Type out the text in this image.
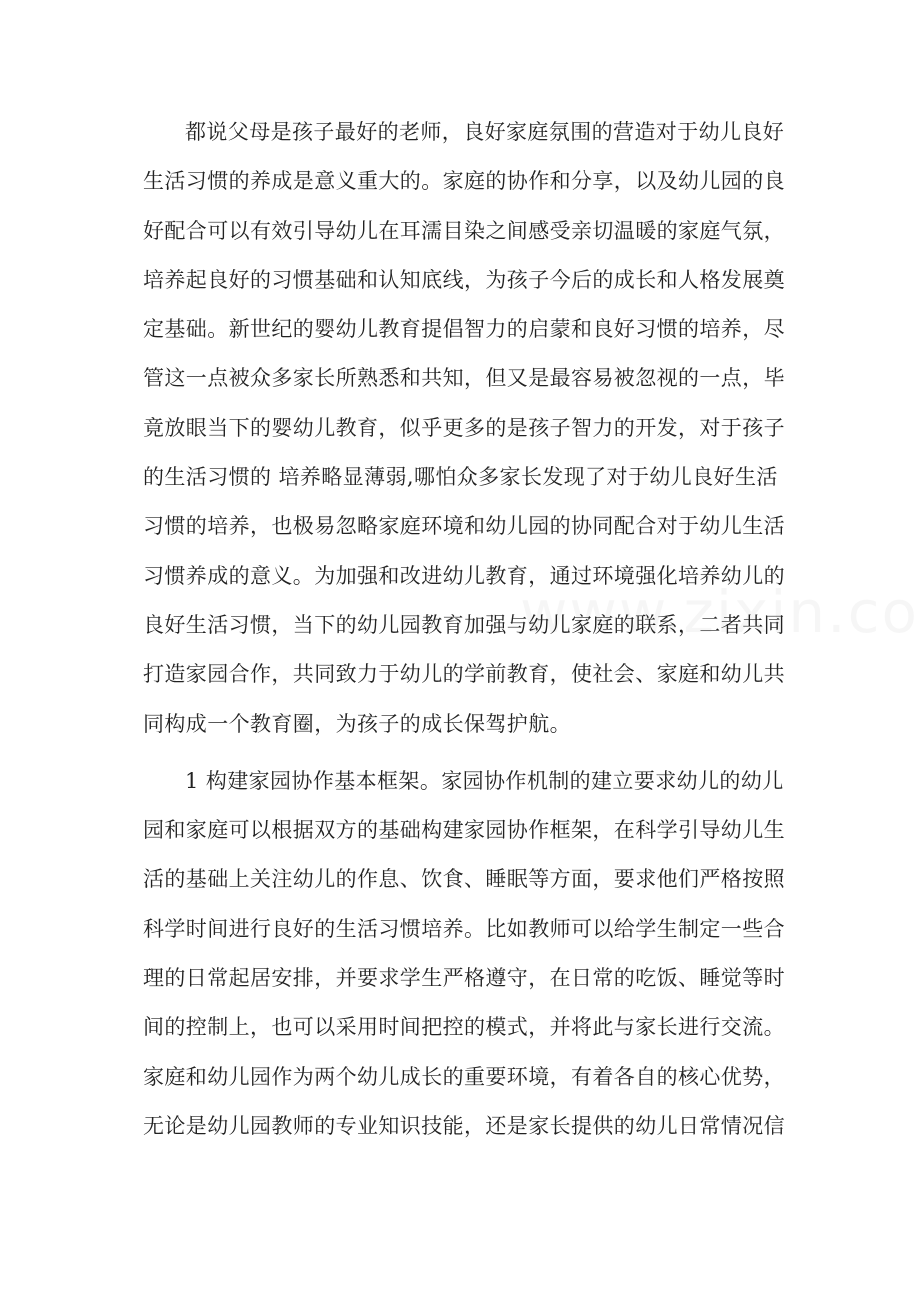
都说父母是孩子最好的老师，良好家庭氛围的营造对于幼儿良好
生活习惯的养成是意义重大的。家庭的协作和分享，以及幼儿园的良
好配合可以有效引导幼儿在耳濡目染之间感受亲切温暖的家庭气氛，
培养起良好的习惯基础和认知底线，为孩子今后的成长和人格发展奠
定基础。新世纪的婴幼儿教育提倡智力的启蒙和良好习惯的培养，尽
管这一点被众多家长所熟悉和共知，但又是最容易被忽视的一点，毕
竟放眼当下的婴幼儿教育，似乎更多的是孩子智力的开发，对于孩子
的生活习惯的 培养略显薄弱,哪怕众多家长发现了对于幼儿良好生活
习惯的培养，也极易忽略家庭环境和幼儿园的协同配合对于幼儿生活
习惯养成的意义。为加强和改进幼儿教育，通过环境强化培养幼儿的
良好生活习惯，当下的幼儿园教育加强与幼儿家庭的联系，二者共同
打造家园合作，共同致力于幼儿的学前教育，使社会、家庭和幼儿共
同构成一个教育圈，为孩子的成长保驾护航。
1 构建家园协作基本框架。家园协作机制的建立要求幼儿的幼儿
园和家庭可以根据双方的基础构建家园协作框架，在科学引导幼儿生
活的基础上关注幼儿的作息、饮食、睡眠等方面，要求他们严格按照
科学时间进行良好的生活习惯培养。比如教师可以给学生制定一些合
理的日常起居安排，并要求学生严格遵守，在日常的吃饭、睡觉等时
间的控制上，也可以采用时间把控的模式，并将此与家长进行交流。
家庭和幼儿园作为两个幼儿成长的重要环境，有着各自的核心优势，
无论是幼儿园教师的专业知识技能，还是家长提供的幼儿日常情况信
